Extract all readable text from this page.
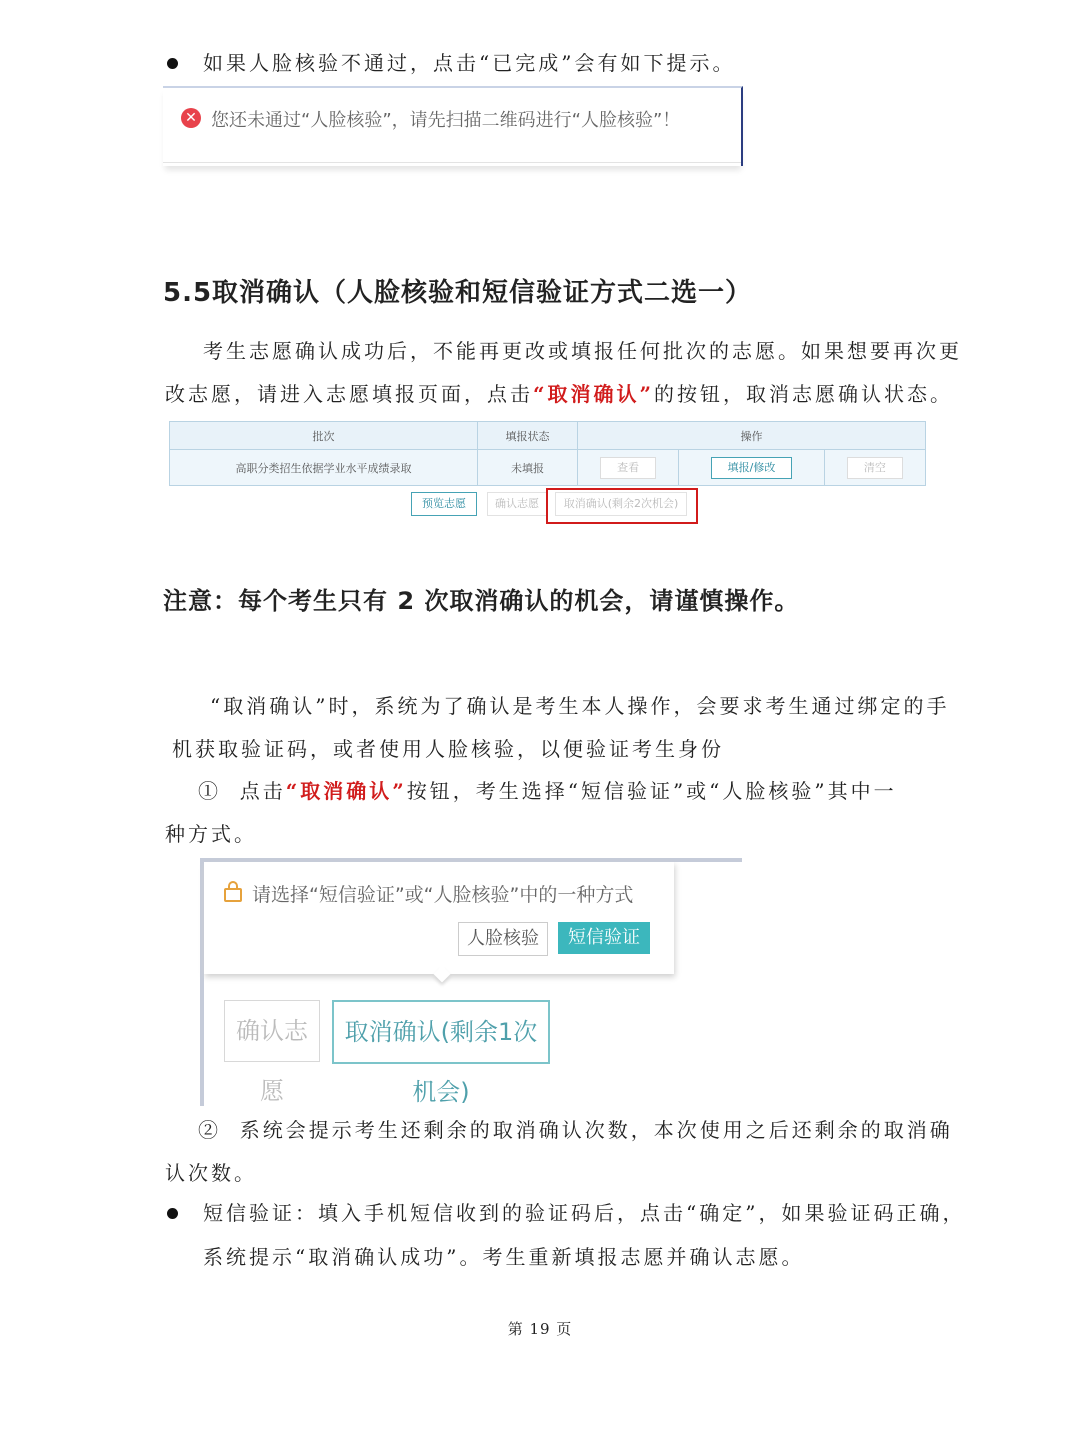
如果人脸核验不通过，点击“已完成”会有如下提示。
✕ 您还未通过“人脸核验”，请先扫描二维码进行“人脸核验”！
5.5取消确认（人脸核验和短信验证方式二选一）
考生志愿确认成功后，不能再更改或填报任何批次的志愿。如果想要再次更
改志愿，请进入志愿填报页面，点击“取消确认”的按钮，取消志愿确认状态。
批次	填报状态	操作		
高职分类招生依据学业水平成绩录取	未填报	查看	填报/修改	清空
预览志愿	确认志愿	取消确认(剩余2次机会)
注意：每个考生只有 2 次取消确认的机会，请谨慎操作。
“取消确认”时，系统为了确认是考生本人操作，会要求考生通过绑定的手
机获取验证码，或者使用人脸核验，以便验证考生身份
① 点击“取消确认”按钮，考生选择“短信验证”或“人脸核验”其中一
种方式。
请选择“短信验证”或“人脸核验”中的一种方式
人脸核验	短信验证
确认志愿
取消确认(剩余1次机会)
② 系统会提示考生还剩余的取消确认次数，本次使用之后还剩余的取消确
认次数。
短信验证：填入手机短信收到的验证码后，点击“确定”，如果验证码正确，
系统提示“取消确认成功”。考生重新填报志愿并确认志愿。
第 19 页
